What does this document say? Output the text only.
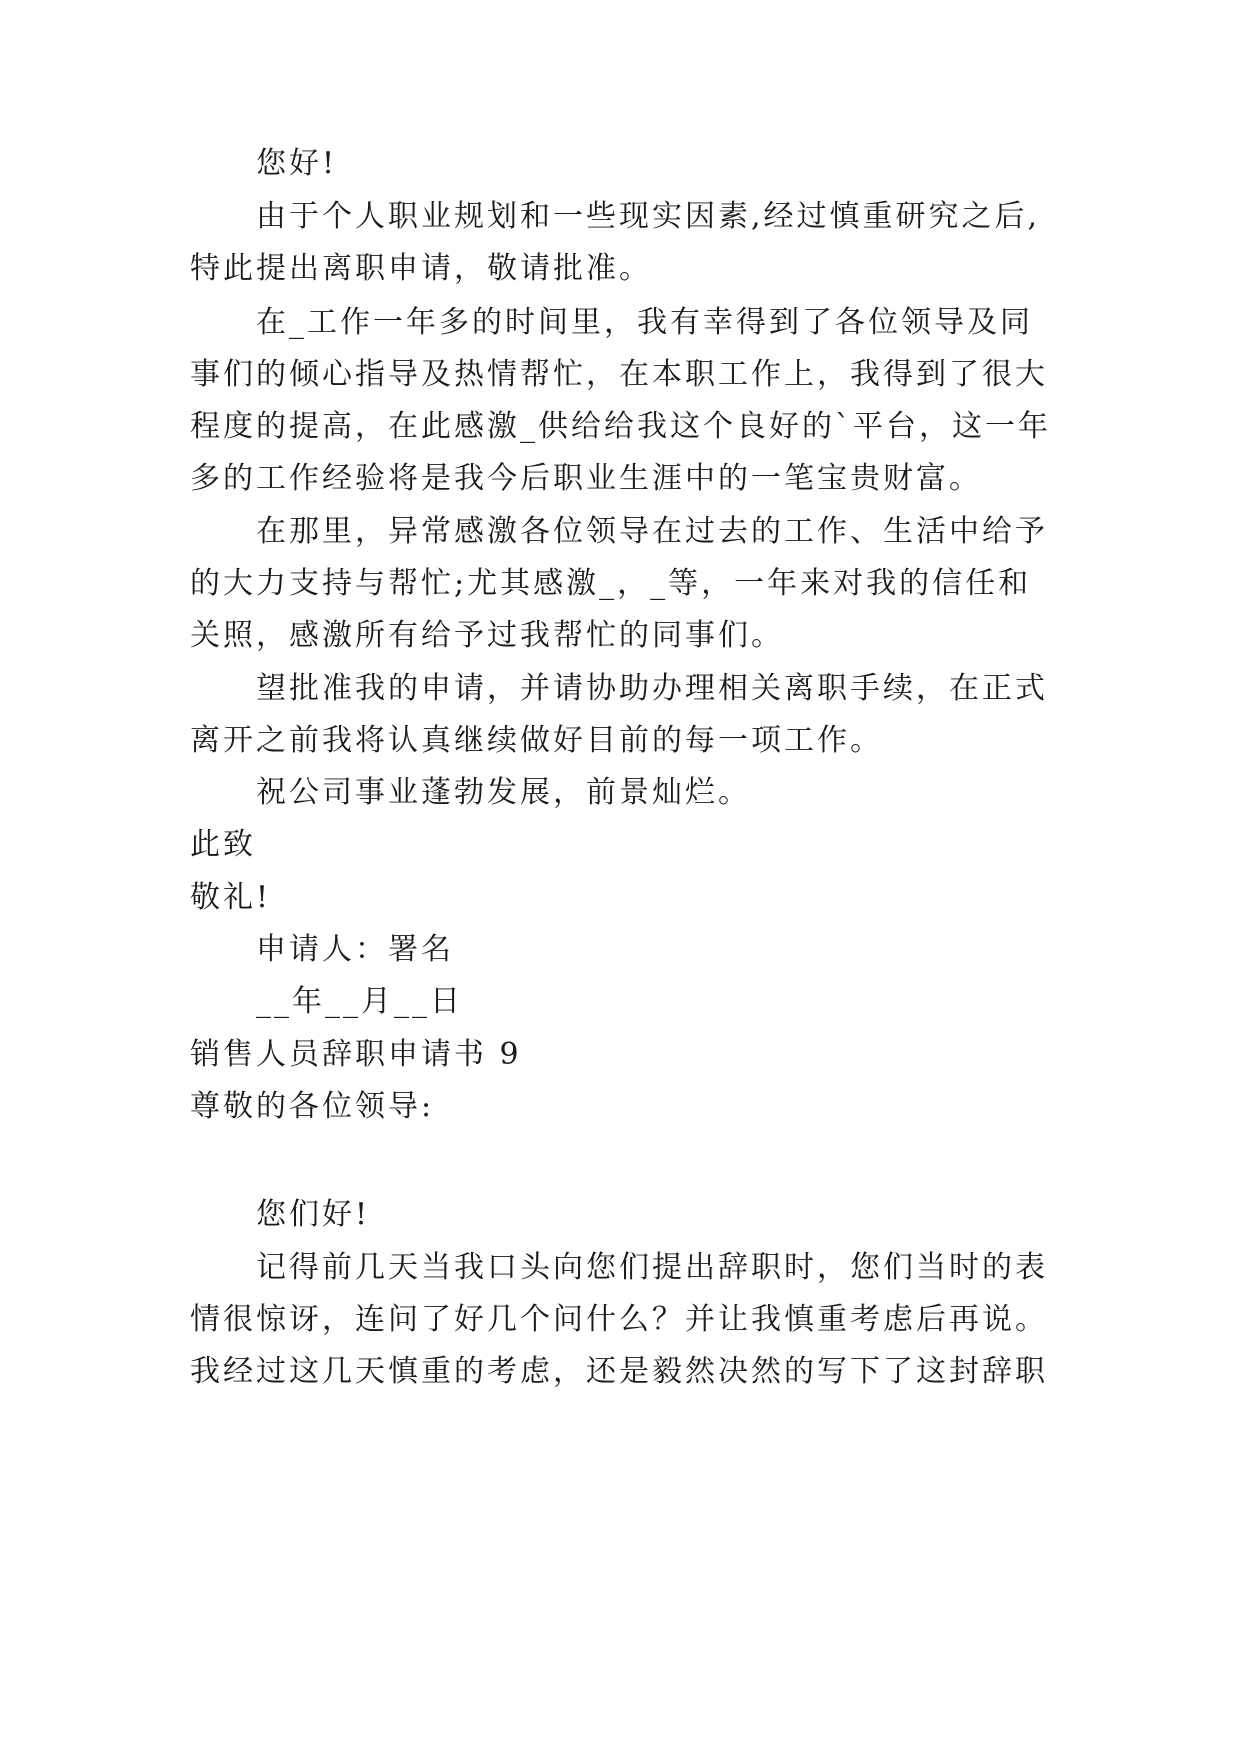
您好!
由于个人职业规划和一些现实因素,经过慎重研究之后,
特此提出离职申请，敬请批准。
在_工作一年多的时间里，我有幸得到了各位领导及同
事们的倾心指导及热情帮忙，在本职工作上，我得到了很大
程度的提高，在此感激_供给给我这个良好的`平台，这一年
多的工作经验将是我今后职业生涯中的一笔宝贵财富。
在那里，异常感激各位领导在过去的工作、生活中给予
的大力支持与帮忙;尤其感激_，_等，一年来对我的信任和
关照，感激所有给予过我帮忙的同事们。
望批准我的申请，并请协助办理相关离职手续，在正式
离开之前我将认真继续做好目前的每一项工作。
祝公司事业蓬勃发展，前景灿烂。
此致
敬礼!
申请人：署名
__年__月__日
销售人员辞职申请书 9
尊敬的各位领导:
您们好!
记得前几天当我口头向您们提出辞职时，您们当时的表
情很惊讶，连问了好几个问什么？并让我慎重考虑后再说。
我经过这几天慎重的考虑，还是毅然决然的写下了这封辞职
